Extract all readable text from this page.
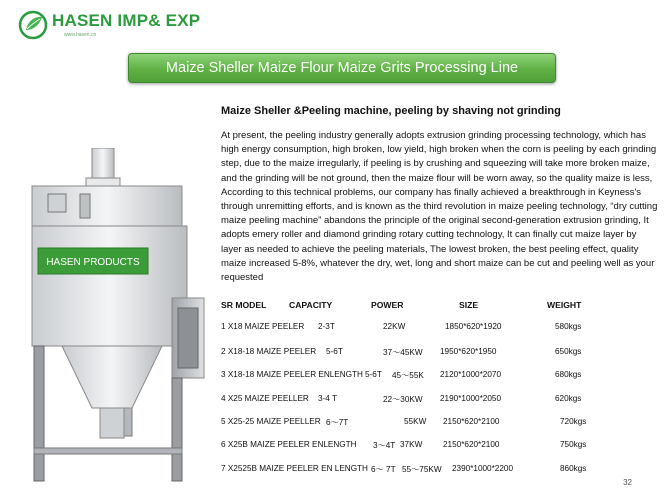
HASEN IMP& EXP
www.hasen.cn
Maize Sheller Maize Flour Maize Grits Processing Line
HASEN PRODUCTS
Maize Sheller &Peeling machine, peeling by shaving not grinding
At present, the peeling industry generally adopts extrusion grinding processing technology, which has high energy consumption, high broken, low yield, high broken when the corn is peeling by each grinding step, due to the maize irregularly, if peeling is by crushing and squeezing will take more broken maize, and the grinding will be not ground, then the maize flour will be worn away, so the quality maize is less, According to this technical problems, our company has finally achieved a breakthrough in Keyness's through unremitting efforts, and is known as the third revolution in maize peeling technology, “dry cutting maize peeling machine” abandons the principle of the original second-generation extrusion grinding, It adopts emery roller and diamond grinding rotary cutting technology, It can finally cut maize layer by layer as needed to achieve the peeling materials, The lowest broken, the best peeling effect, quality maize increased 5-8%, whatever the dry, wet, long and short maize can be cut and peeling well as your requested
SR MODEL	CAPACITY	POWER	SIZE	WEIGHT
1 X18 MAIZE PEELER 2-3T	22KW	1850*620*1920	580kgs
2 X18-18 MAIZE PEELER 5-6T	37～45KW 1950*620*1950	650kgs
3 X18-18 MAIZE PEELER ENLENGTH 5-6T 45～55K 2120*1000*2070	680kgs
4 X25 MAIZE PEELLER 3-4 T	22～30KW 2190*1000*2050	620kgs
5 X25-25 MAIZE PEELLER 6～7T	55KW 2150*620*2100	720kgs
6 X25B MAIZE PEELER ENLENGTH 3～4T 37KW	2150*620*2100	750kgs
7 X2525B MAIZE PEELER EN LENGTH 6～ 7T 55～75KW 2390*1000*2200	860kgs
32
